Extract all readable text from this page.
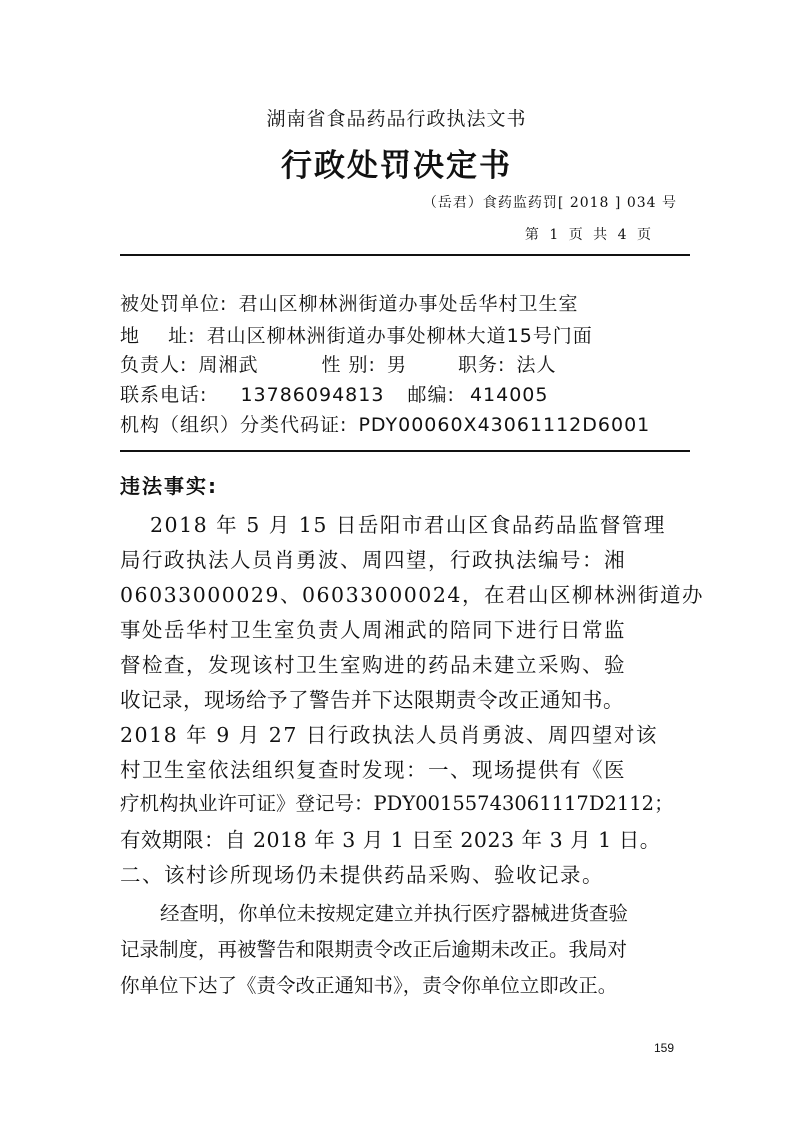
湖南省食品药品行政执法文书
行政处罚决定书
（岳君）食药监药罚[ 2018 ] 034 号
第 1 页 共 4 页
被处罚单位: 君山区柳林洲街道办事处岳华村卫生室
地    址: 君山区柳林洲街道办事处柳林大道15号门面
负责人: 周湘武	性 别: 男	职务: 法人
联系电话: 13786094813 邮编: 414005
机构（组织）分类代码证: PDY00060X43061112D6001
违法事实:
2018 年 5 月 15 日岳阳市君山区食品药品监督管理
局行政执法人员肖勇波、周四望，行政执法编号：湘
06033000029、06033000024，在君山区柳林洲街道办
事处岳华村卫生室负责人周湘武的陪同下进行日常监
督检查，发现该村卫生室购进的药品未建立采购、验
收记录，现场给予了警告并下达限期责令改正通知书。
2018 年 9 月 27 日行政执法人员肖勇波、周四望对该
村卫生室依法组织复查时发现：一、现场提供有《医
疗机构执业许可证》登记号：PDY00155743061117D2112；
有效期限：自 2018 年 3 月 1 日至 2023 年 3 月 1 日。
二、该村诊所现场仍未提供药品采购、验收记录。
经查明，你单位未按规定建立并执行医疗器械进货查验
记录制度，再被警告和限期责令改正后逾期未改正。我局对
你单位下达了《责令改正通知书》，责令你单位立即改正。
159
